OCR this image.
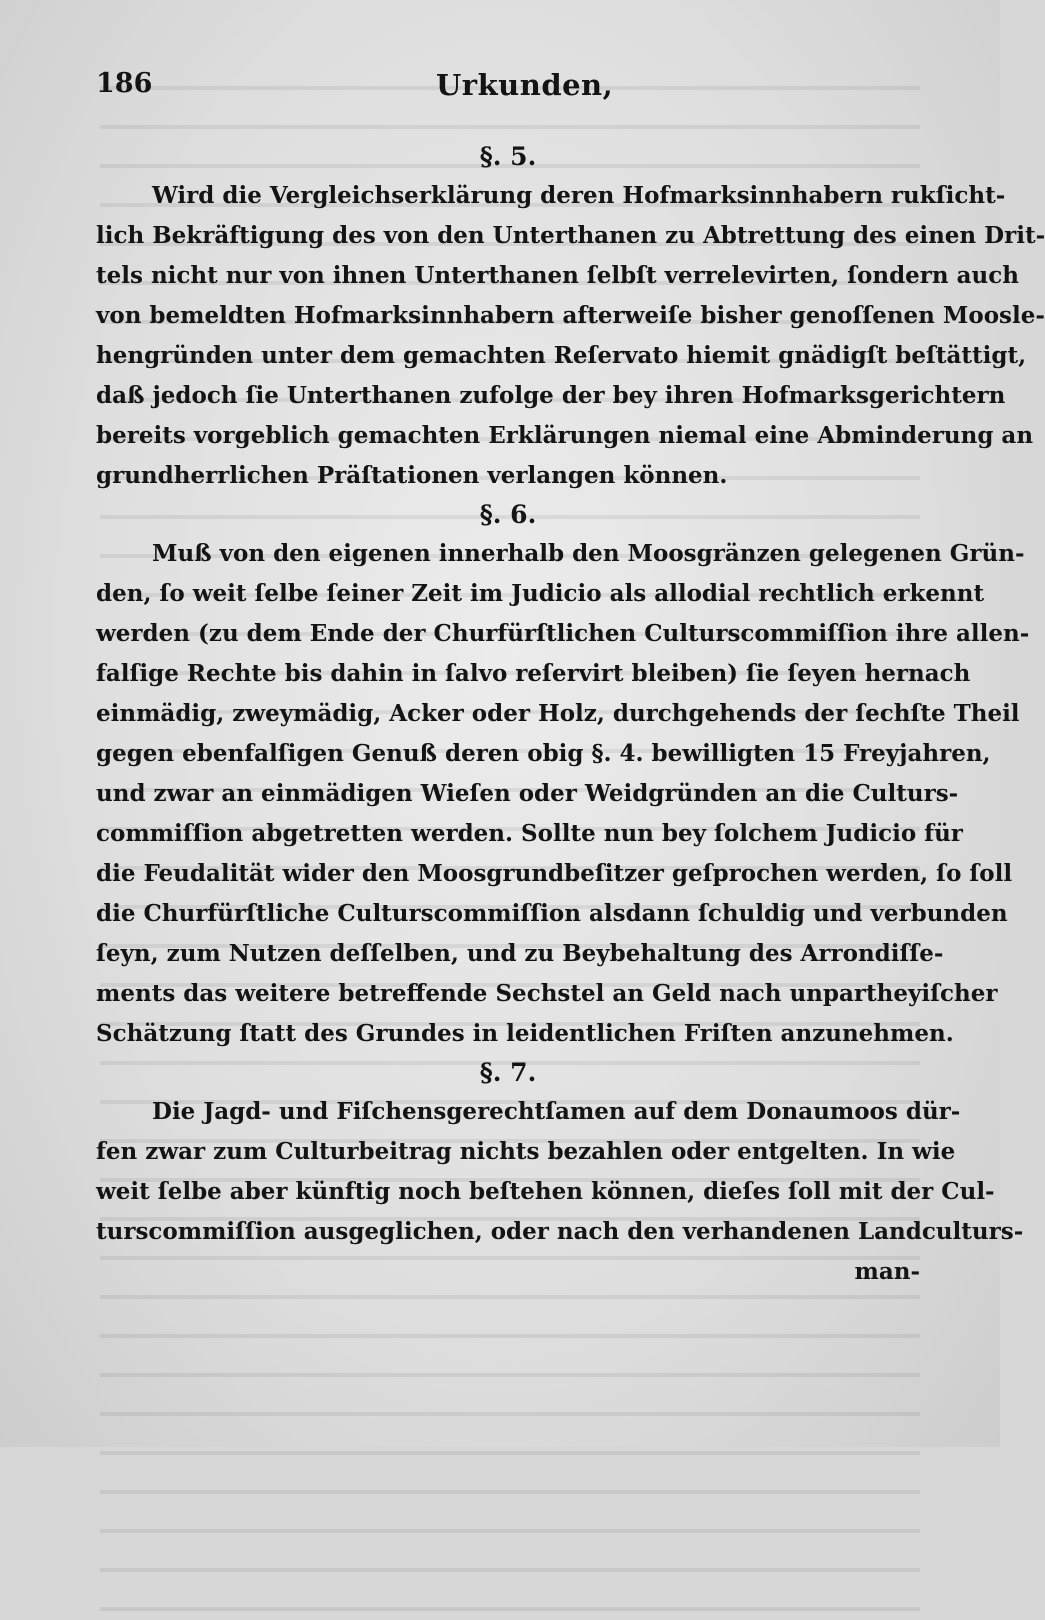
186	Urkunden,
§. 5.
Wird die Vergleichserklärung deren Hofmarksinnhabern rukſicht-
lich Bekräftigung des von den Unterthanen zu Abtrettung des einen Drit-
tels nicht nur von ihnen Unterthanen ſelbſt verrelevirten, ſondern auch
von bemeldten Hofmarksinnhabern afterweiſe bisher genoſſenen Moosle-
hengründen unter dem gemachten Reſervato hiemit gnädigſt beſtättigt,
daß jedoch ſie Unterthanen zufolge der bey ihren Hofmarksgerichtern
bereits vorgeblich gemachten Erklärungen niemal eine Abminderung an
grundherrlichen Präſtationen verlangen können.
§. 6.
Muß von den eigenen innerhalb den Moosgränzen gelegenen Grün-
den, ſo weit ſelbe ſeiner Zeit im Judicio als allodial rechtlich erkennt
werden (zu dem Ende der Churfürſtlichen Culturscommiſſion ihre allen-
falſige Rechte bis dahin in ſalvo reſervirt bleiben) ſie ſeyen hernach
einmädig, zweymädig, Acker oder Holz, durchgehends der ſechſte Theil
gegen ebenfalſigen Genuß deren obig §. 4. bewilligten 15 Freyjahren,
und zwar an einmädigen Wieſen oder Weidgründen an die Culturs-
commiſſion abgetretten werden. Sollte nun bey ſolchem Judicio für
die Feudalität wider den Moosgrundbeſitzer geſprochen werden, ſo ſoll
die Churfürſtliche Culturscommiſſion alsdann ſchuldig und verbunden
ſeyn, zum Nutzen deſſelben, und zu Beybehaltung des Arrondiſſe-
ments das weitere betreffende Sechstel an Geld nach unpartheyiſcher
Schätzung ſtatt des Grundes in leidentlichen Friſten anzunehmen.
§. 7.
Die Jagd- und Fiſchensgerechtſamen auf dem Donaumoos dür-
fen zwar zum Culturbeitrag nichts bezahlen oder entgelten. In wie
weit ſelbe aber künftig noch beſtehen können, dieſes ſoll mit der Cul-
turscommiſſion ausgeglichen, oder nach den verhandenen Landculturs-
man-
